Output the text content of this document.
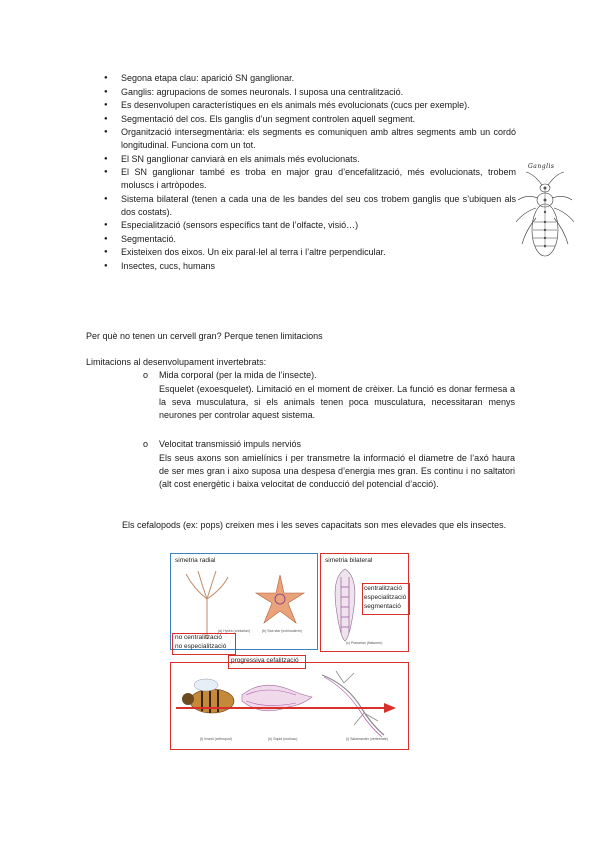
● Segona etapa clau: aparició SN ganglionar.
● Ganglis: agrupacions de somes neuronals. I suposa una centralització.
● Es desenvolupen característiques en els animals més evolucionats (cucs per exemple).
● Segmentació del cos. Els ganglis d’un segment controlen aquell segment.
● Organització intersegmentària: els segments es comuniquen amb altres segments amb un cordó longitudinal. Funciona com un tot.
● El SN ganglionar canviarà en els animals més evolucionats.
● El SN ganglionar també es troba en major grau d’encefalització, més evolucionats, trobem moluscs i artròpodes.
● Sistema bilateral (tenen a cada una de les bandes del seu cos trobem ganglis que s’ubiquen als dos costats).
● Especialització (sensors específics tant de l’olfacte, visió…)
● Segmentació.
● Existeixen dos eixos. Un eix paral·lel al terra i l’altre perpendicular.
● Insectes, cucs, humans
Ganglis
Per què no tenen un cervell gran? Perque tenen limitacions
Limitacions al desenvolupament invertebrats:
o Mida corporal (per la mida de l’insecte).
Esquelet (exoesquelet). Limitació en el moment de crèixer. La funció es donar fermesa a la seva musculatura, si els animals tenen poca musculatura, necessitaran menys neurones per controlar aquest sistema.
o Velocitat transmissió impuls nerviós
Els seus axons son amielínics i per transmetre la informació el diametre de l’axó haura de ser mes gran i aixo suposa una despesa d’energia mes gran. Es continu i no saltatori (alt cost energètic i baixa velocitat de conducció del potencial d’acció).
Els cefalopods (ex: pops) creixen mes i les seves capacitats son mes elevades que els insectes.
simetria radial
(a) Hydra (cnidarian)	(b) Sea star (echinoderm)
no centralització
no especialització
simetria bilateral
(c) Planarian (flatworm)
centralització
especialització
segmentació
progressiva cefalització
(f) Insect (arthropod)	(h) Squid (mollusc)	(i) Salamander (vertebrate)
